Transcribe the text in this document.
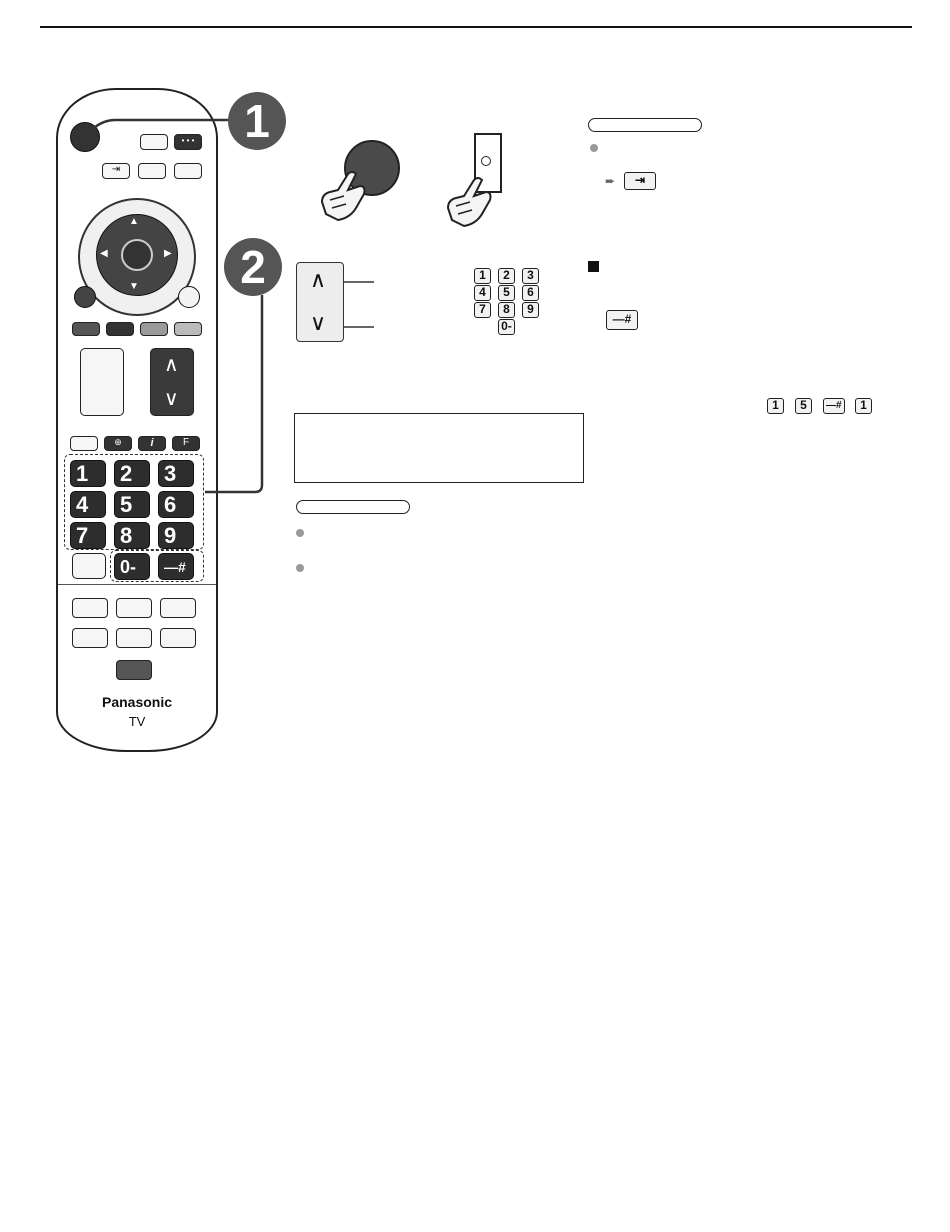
• • •
⇥
▲
▼
◀	▶
∧
∨
⊕	i	F
1	2	3
4	5	6
7	8	9
0-	—#
Panasonic
TV
1
2	∧
∨
1	2	3
4	5	6
7	8	9
0-
➨	⇥
—#
1	5	—#	1
